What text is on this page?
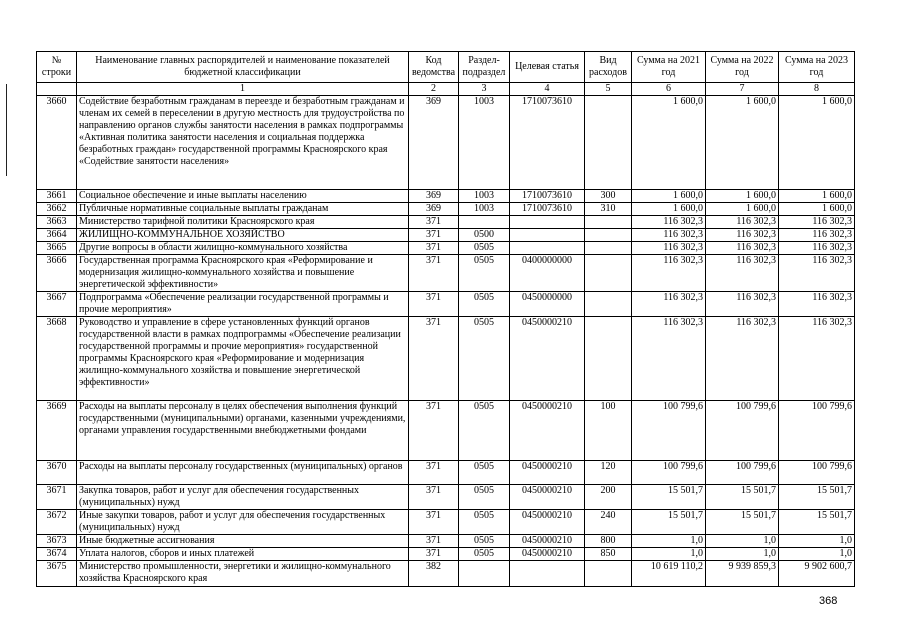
№ строки	Наименование главных распорядителей и наименование показателей бюджетной классификации	Код ведомства	Раздел-подраздел	Целевая статья	Вид расходов	Сумма на 2021 год	Сумма на 2022 год	Сумма на 2023 год
	1	2	3	4	5	6	7	8
3660	Содействие безработным гражданам в переезде и безработным гражданам и членам их семей в переселении в другую местность для трудоустройства по направлению органов службы занятости населения в рамках подпрограммы «Активная политика занятости населения и социальная поддержка безработных граждан» государственной программы Красноярского края «Содействие занятости населения»	369	1003	1710073610		1 600,0	1 600,0	1 600,0
3661	Социальное обеспечение и иные выплаты населению	369	1003	1710073610	300	1 600,0	1 600,0	1 600,0
3662	Публичные нормативные социальные выплаты гражданам	369	1003	1710073610	310	1 600,0	1 600,0	1 600,0
3663	Министерство тарифной политики Красноярского края	371				116 302,3	116 302,3	116 302,3
3664	ЖИЛИЩНО-КОММУНАЛЬНОЕ ХОЗЯЙСТВО	371	0500			116 302,3	116 302,3	116 302,3
3665	Другие вопросы в области жилищно-коммунального хозяйства	371	0505			116 302,3	116 302,3	116 302,3
3666	Государственная программа Красноярского края «Реформирование и модернизация жилищно-коммунального хозяйства и повышение энергетической эффективности»	371	0505	0400000000		116 302,3	116 302,3	116 302,3
3667	Подпрограмма «Обеспечение реализации государственной программы и прочие мероприятия»	371	0505	0450000000		116 302,3	116 302,3	116 302,3
3668	Руководство и управление в сфере установленных функций органов государственной власти в рамках подпрограммы «Обеспечение реализации государственной программы и прочие мероприятия» государственной программы Красноярского края «Реформирование и модернизация жилищно-коммунального хозяйства и повышение энергетической эффективности»	371	0505	0450000210		116 302,3	116 302,3	116 302,3
3669	Расходы на выплаты персоналу в целях обеспечения выполнения функций государственными (муниципальными) органами, казенными учреждениями, органами управления государственными внебюджетными фондами	371	0505	0450000210	100	100 799,6	100 799,6	100 799,6
3670	Расходы на выплаты персоналу государственных (муниципальных) органов	371	0505	0450000210	120	100 799,6	100 799,6	100 799,6
3671	Закупка товаров, работ и услуг для обеспечения государственных (муниципальных) нужд	371	0505	0450000210	200	15 501,7	15 501,7	15 501,7
3672	Иные закупки товаров, работ и услуг для обеспечения государственных (муниципальных) нужд	371	0505	0450000210	240	15 501,7	15 501,7	15 501,7
3673	Иные бюджетные ассигнования	371	0505	0450000210	800	1,0	1,0	1,0
3674	Уплата налогов, сборов и иных платежей	371	0505	0450000210	850	1,0	1,0	1,0
3675	Министерство промышленности, энергетики и жилищно-коммунального хозяйства Красноярского края	382				10 619 110,2	9 939 859,3	9 902 600,7
368
